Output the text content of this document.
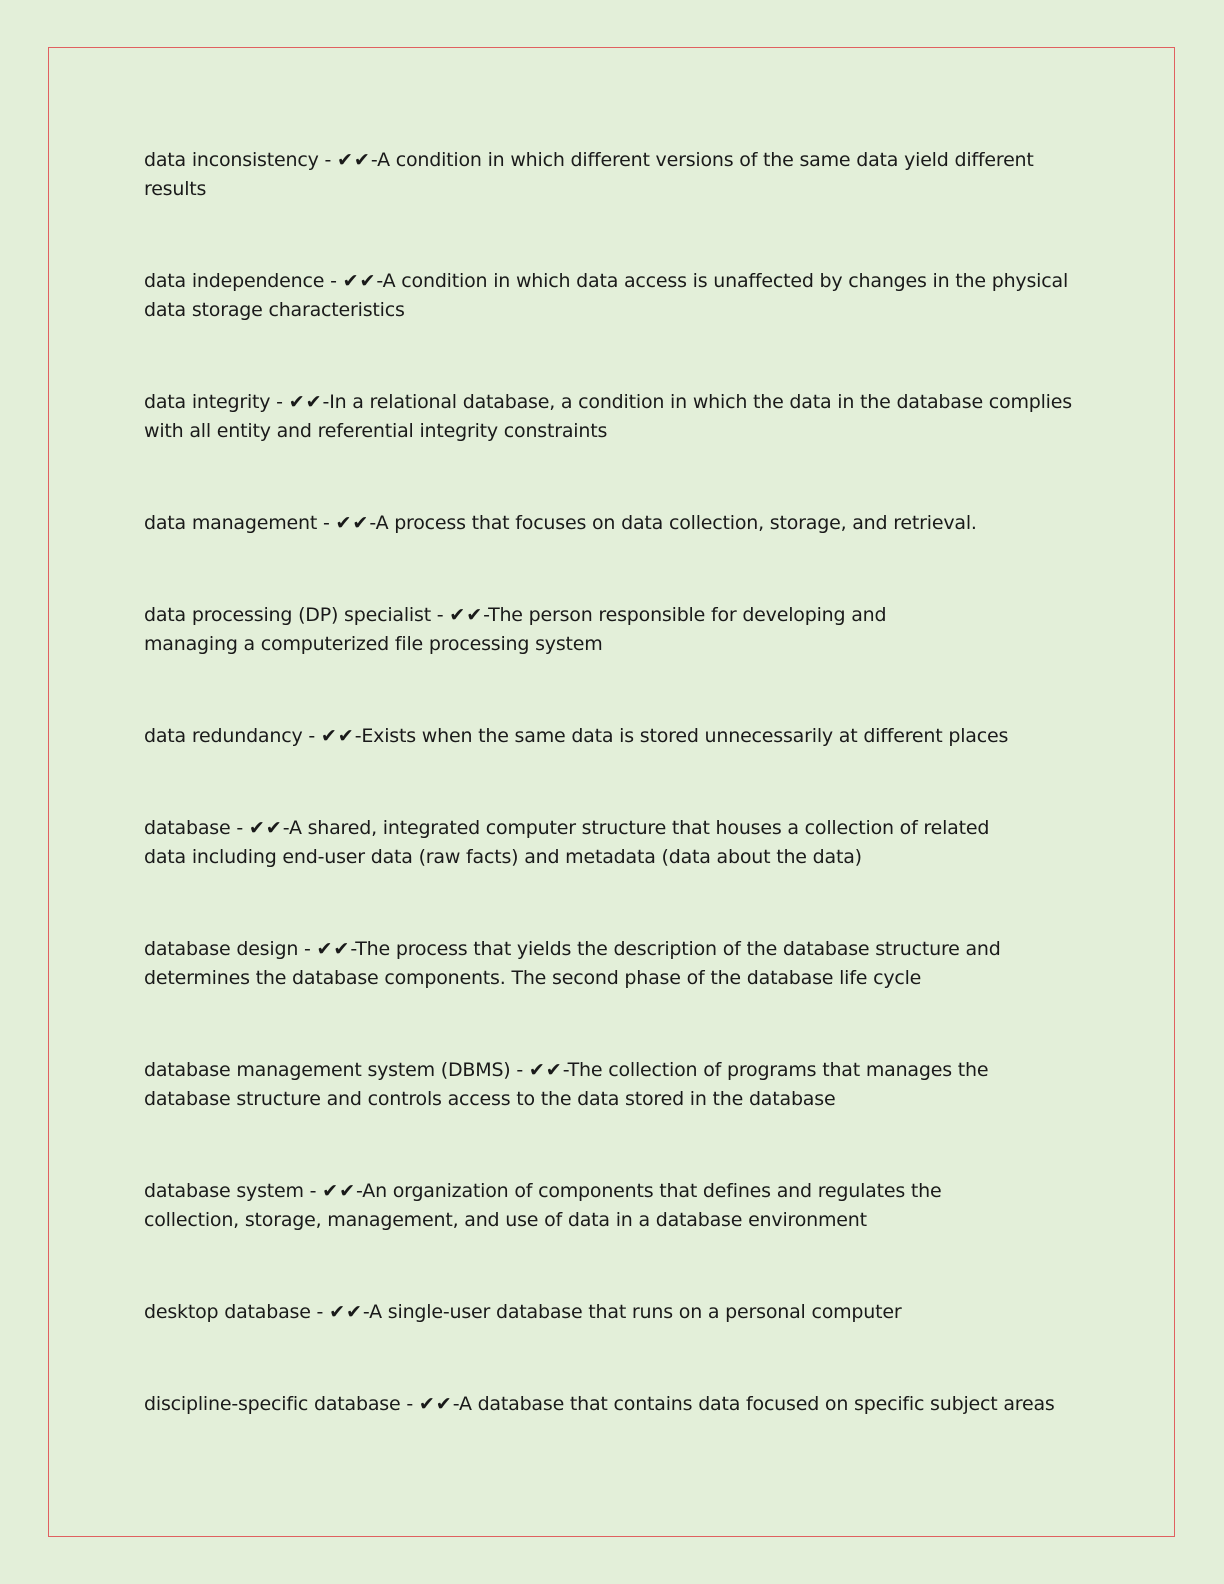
data inconsistency - ✔✔-A condition in which different versions of the same data yield different results

data independence - ✔✔-A condition in which data access is unaffected by changes in the physical data storage characteristics

data integrity - ✔✔-In a relational database, a condition in which the data in the database complies with all entity and referential integrity constraints

data management - ✔✔-A process that focuses on data collection, storage, and retrieval.

data processing (DP) specialist - ✔✔-The person responsible for developing and managing a computerized file processing system

data redundancy - ✔✔-Exists when the same data is stored unnecessarily at different places

database - ✔✔-A shared, integrated computer structure that houses a collection of related data including end-user data (raw facts) and metadata (data about the data)

database design - ✔✔-The process that yields the description of the database structure and determines the database components. The second phase of the database life cycle

database management system (DBMS) - ✔✔-The collection of programs that manages the database structure and controls access to the data stored in the database

database system - ✔✔-An organization of components that defines and regulates the collection, storage, management, and use of data in a database environment

desktop database - ✔✔-A single-user database that runs on a personal computer

discipline-specific database - ✔✔-A database that contains data focused on specific subject areas
